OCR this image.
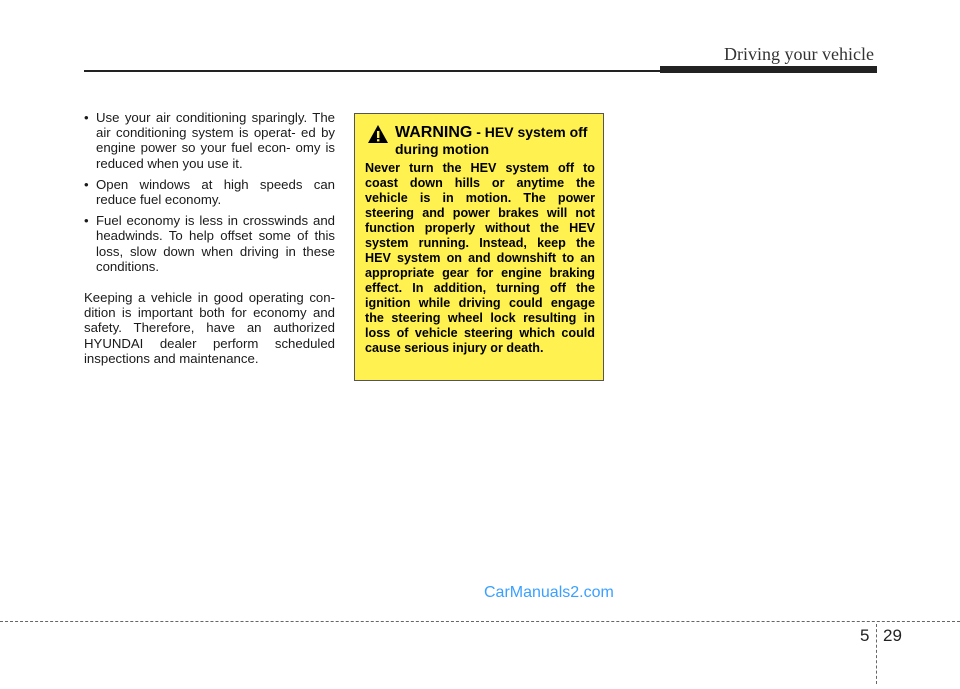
Driving your vehicle
• Use your air conditioning sparingly. The air conditioning system is operat- ed by engine power so your fuel econ- omy is reduced when you use it.
• Open windows at high speeds can reduce fuel economy.
• Fuel economy is less in crosswinds and headwinds. To help offset some of this loss, slow down when driving in these conditions.
Keeping a vehicle in good operating con- dition is important both for economy and safety. Therefore, have an authorized HYUNDAI dealer perform scheduled inspections and maintenance.
WARNING - HEV system off during motion
Never turn the HEV system off to coast down hills or anytime the vehicle is in motion. The power steering and power brakes will not function properly without the HEV system running. Instead, keep the HEV system on and downshift to an appropriate gear for engine braking effect. In addition, turning off the ignition while driving could engage the steering wheel lock resulting in loss of vehicle steering which could cause serious injury or death.
CarManuals2.com
5 29
